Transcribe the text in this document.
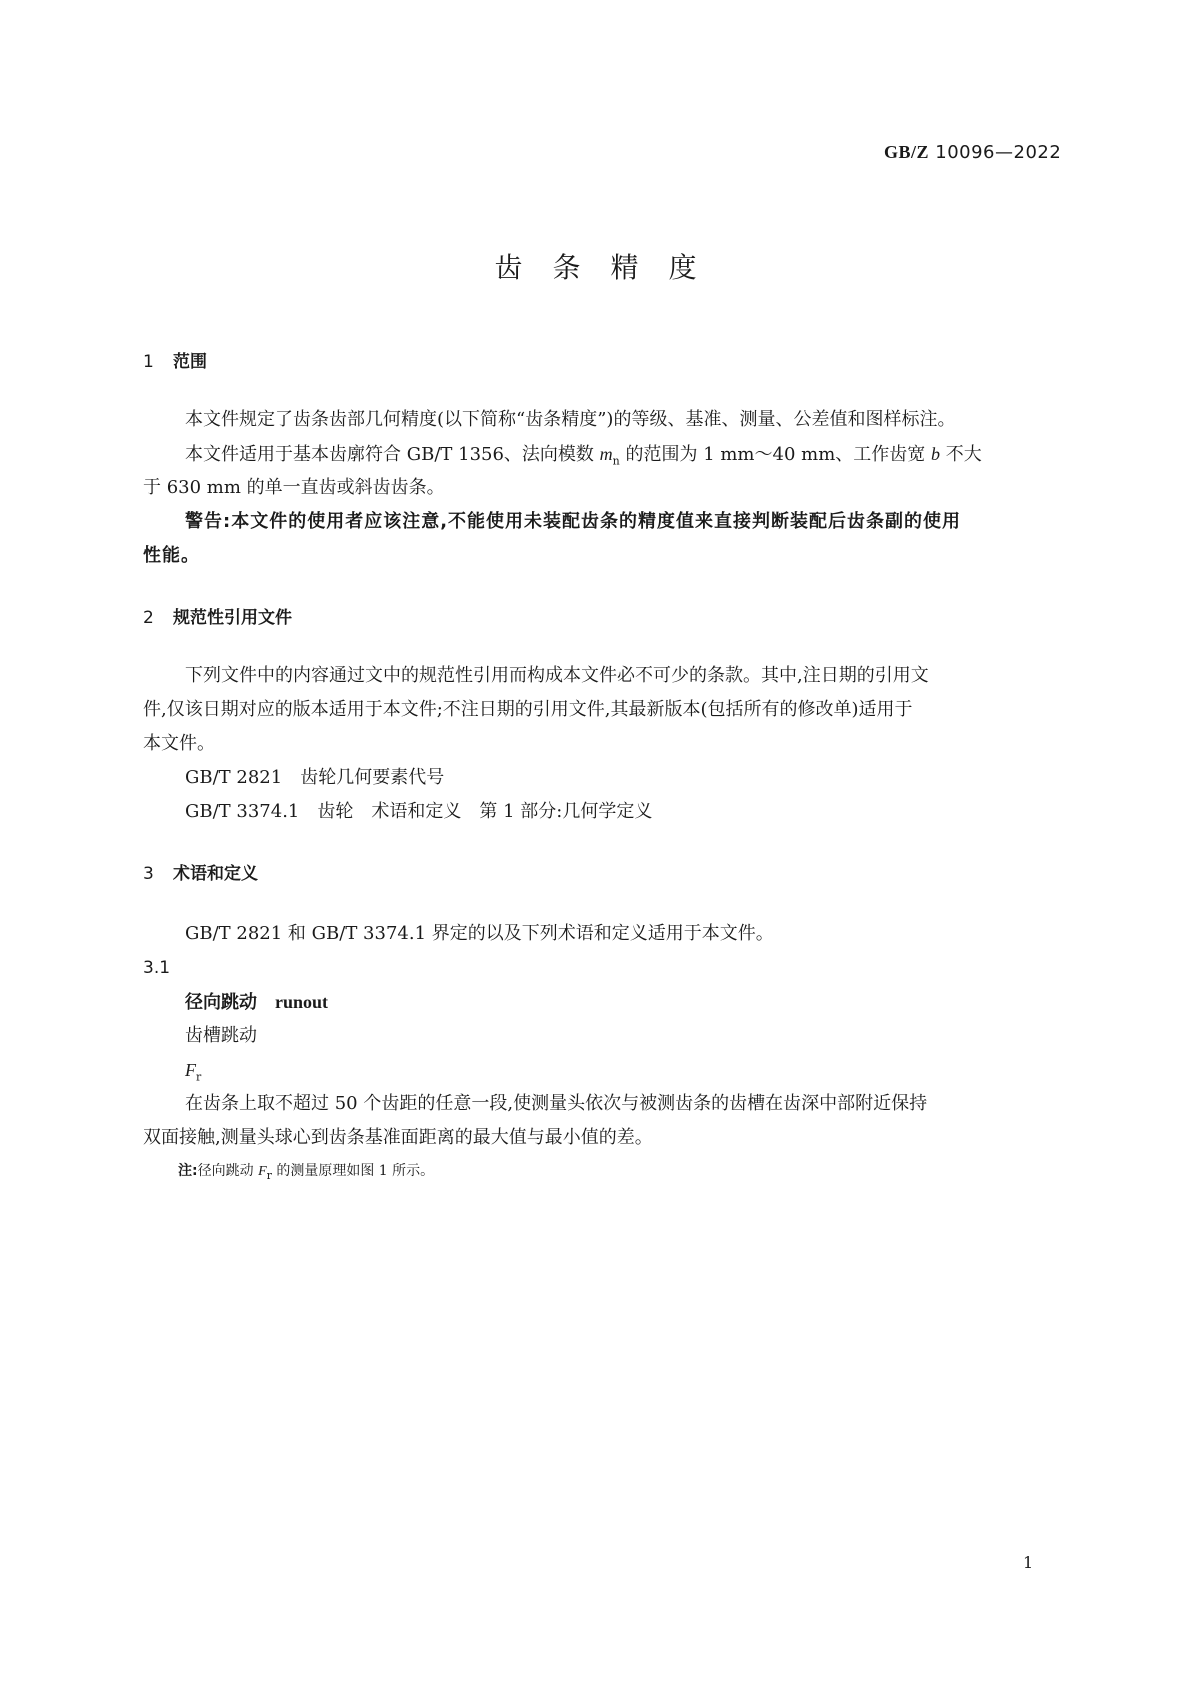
GB/Z 10096—2022
齿条精度
1 范围
本文件规定了齿条齿部几何精度(以下简称“齿条精度”)的等级、基准、测量、公差值和图样标注。
本文件适用于基本齿廓符合 GB/T 1356、法向模数 $m_n$ 的范围为 1 mm～40 mm、工作齿宽 b 不大
于 630 mm 的单一直齿或斜齿齿条。
警告:本文件的使用者应该注意,不能使用未装配齿条的精度值来直接判断装配后齿条副的使用
性能。
2 规范性引用文件
下列文件中的内容通过文中的规范性引用而构成本文件必不可少的条款。其中,注日期的引用文
件,仅该日期对应的版本适用于本文件;不注日期的引用文件,其最新版本(包括所有的修改单)适用于
本文件。
GB/T 2821　齿轮几何要素代号
GB/T 3374.1　齿轮　术语和定义　第 1 部分:几何学定义
3 术语和定义
GB/T 2821 和 GB/T 3374.1 界定的以及下列术语和定义适用于本文件。
3.1
径向跳动 runout
齿槽跳动
$F_r$
在齿条上取不超过 50 个齿距的任意一段,使测量头依次与被测齿条的齿槽在齿深中部附近保持
双面接触,测量头球心到齿条基准面距离的最大值与最小值的差。
注:径向跳动 $F_r$ 的测量原理如图 1 所示。
1
